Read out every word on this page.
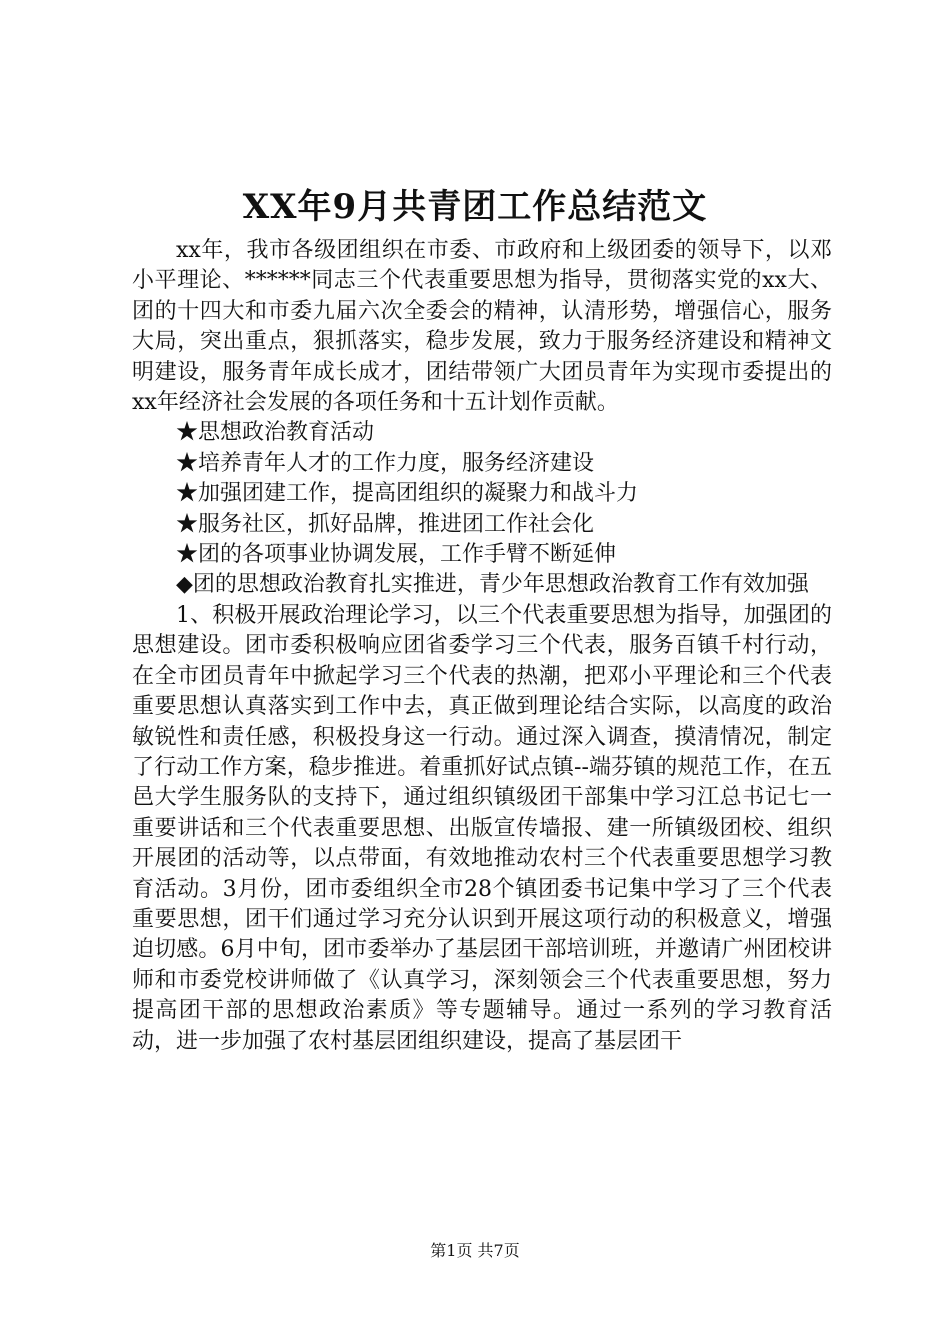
XX年9月共青团工作总结范文

xx年，我市各级团组织在市委、市政府和上级团委的领导下，以邓小平理论、******同志三个代表重要思想为指导，贯彻落实党的xx大、团的十四大和市委九届六次全委会的精神，认清形势，增强信心，服务大局，突出重点，狠抓落实，稳步发展，致力于服务经济建设和精神文明建设，服务青年成长成才，团结带领广大团员青年为实现市委提出的xx年经济社会发展的各项任务和十五计划作贡献。

★思想政治教育活动

★培养青年人才的工作力度，服务经济建设

★加强团建工作，提高团组织的凝聚力和战斗力

★服务社区，抓好品牌，推进团工作社会化

★团的各项事业协调发展，工作手臂不断延伸

◆团的思想政治教育扎实推进，青少年思想政治教育工作有效加强

1、积极开展政治理论学习，以三个代表重要思想为指导，加强团的思想建设。团市委积极响应团省委学习三个代表，服务百镇千村行动，在全市团员青年中掀起学习三个代表的热潮，把邓小平理论和三个代表重要思想认真落实到工作中去，真正做到理论结合实际，以高度的政治敏锐性和责任感，积极投身这一行动。通过深入调查，摸清情况，制定了行动工作方案，稳步推进。着重抓好试点镇--端芬镇的规范工作，在五邑大学生服务队的支持下，通过组织镇级团干部集中学习江总书记七一重要讲话和三个代表重要思想、出版宣传墙报、建一所镇级团校、组织开展团的活动等，以点带面，有效地推动农村三个代表重要思想学习教育活动。3月份，团市委组织全市28个镇团委书记集中学习了三个代表重要思想，团干们通过学习充分认识到开展这项行动的积极意义，增强迫切感。6月中旬，团市委举办了基层团干部培训班，并邀请广州团校讲师和市委党校讲师做了《认真学习，深刻领会三个代表重要思想，努力提高团干部的思想政治素质》等专题辅导。通过一系列的学习教育活动，进一步加强了农村基层团组织建设，提高了基层团干

第1页 共7页
